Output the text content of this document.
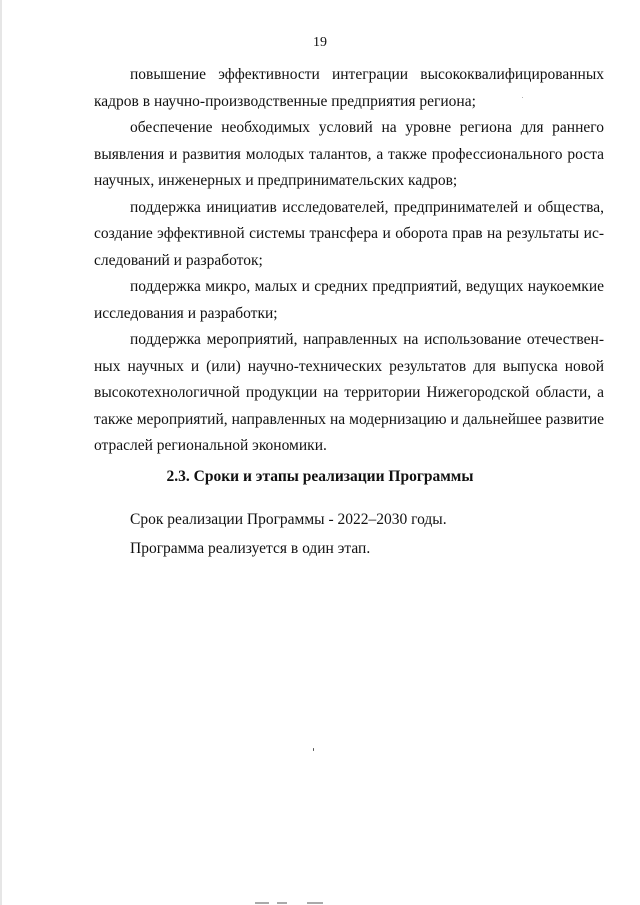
19

повышение эффективности интеграции высококвалифицированных кадров в научно-производственные предприятия региона;

обеспечение необходимых условий на уровне региона для раннего выявления и развития молодых талантов, а также профессионального роста научных, инженерных и предпринимательских кадров;

поддержка инициатив исследователей, предпринимателей и общества, создание эффективной системы трансфера и оборота прав на результаты исследований и разработок;

поддержка микро, малых и средних предприятий, ведущих наукоемкие исследования и разработки;

поддержка мероприятий, направленных на использование отечественных научных и (или) научно-технических результатов для выпуска новой высокотехнологичной продукции на территории Нижегородской области, а также мероприятий, направленных на модернизацию и дальнейшее развитие отраслей региональной экономики.

2.3. Сроки и этапы реализации Программы

Срок реализации Программы - 2022–2030 годы.

Программа реализуется в один этап.
